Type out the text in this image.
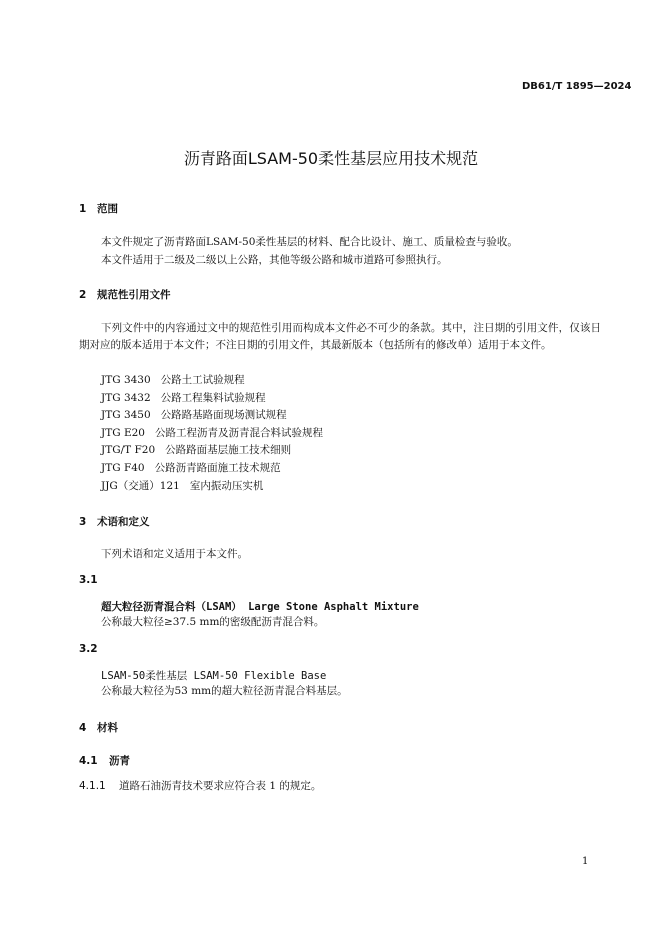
DB61/T 1895—2024
沥青路面LSAM-50柔性基层应用技术规范
1 范围
本文件规定了沥青路面LSAM-50柔性基层的材料、配合比设计、施工、质量检查与验收。
本文件适用于二级及二级以上公路，其他等级公路和城市道路可参照执行。
2 规范性引用文件
下列文件中的内容通过文中的规范性引用而构成本文件必不可少的条款。其中，注日期的引用文件，仅该日期对应的版本适用于本文件；不注日期的引用文件，其最新版本（包括所有的修改单）适用于本文件。
JTG 3430 公路土工试验规程
JTG 3432 公路工程集料试验规程
JTG 3450 公路路基路面现场测试规程
JTG E20 公路工程沥青及沥青混合料试验规程
JTG/T F20 公路路面基层施工技术细则
JTG F40 公路沥青路面施工技术规范
JJG（交通）121 室内振动压实机
3 术语和定义
下列术语和定义适用于本文件。
3.1
超大粒径沥青混合料（LSAM） Large Stone Asphalt Mixture
公称最大粒径≥37.5 mm的密级配沥青混合料。
3.2
LSAM-50柔性基层 LSAM-50 Flexible Base
公称最大粒径为53 mm的超大粒径沥青混合料基层。
4 材料
4.1 沥青
4.1.1 道路石油沥青技术要求应符合表 1 的规定。
1
